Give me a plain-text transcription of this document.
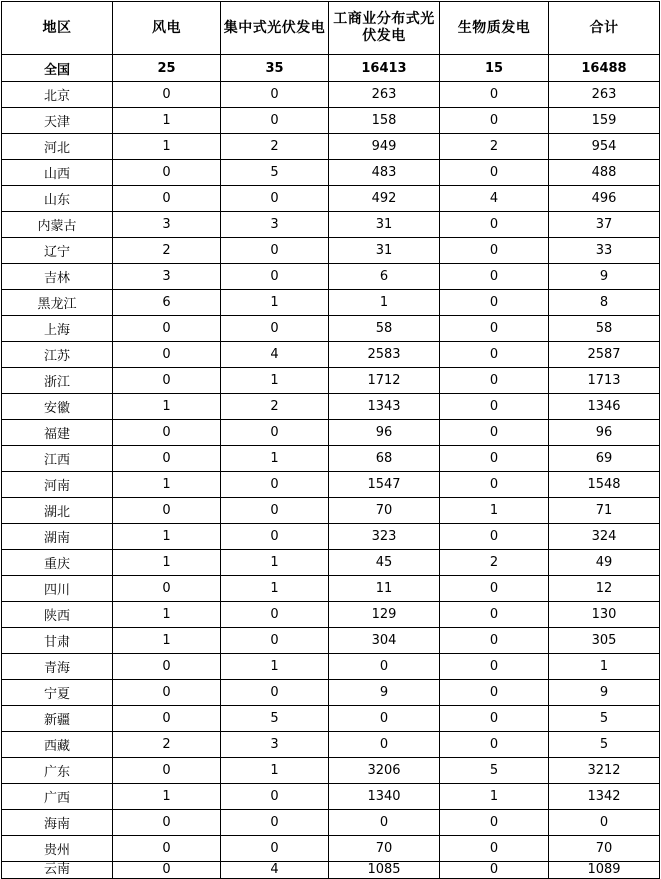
地区	风电	集中式光伏发电	工商业分布式光伏发电	生物质发电	合计
全国	25	35	16413	15	16488
北京	0	0	263	0	263
天津	1	0	158	0	159
河北	1	2	949	2	954
山西	0	5	483	0	488
山东	0	0	492	4	496
内蒙古	3	3	31	0	37
辽宁	2	0	31	0	33
吉林	3	0	6	0	9
黑龙江	6	1	1	0	8
上海	0	0	58	0	58
江苏	0	4	2583	0	2587
浙江	0	1	1712	0	1713
安徽	1	2	1343	0	1346
福建	0	0	96	0	96
江西	0	1	68	0	69
河南	1	0	1547	0	1548
湖北	0	0	70	1	71
湖南	1	0	323	0	324
重庆	1	1	45	2	49
四川	0	1	11	0	12
陕西	1	0	129	0	130
甘肃	1	0	304	0	305
青海	0	1	0	0	1
宁夏	0	0	9	0	9
新疆	0	5	0	0	5
西藏	2	3	0	0	5
广东	0	1	3206	5	3212
广西	1	0	1340	1	1342
海南	0	0	0	0	0
贵州	0	0	70	0	70
云南	0	4	1085	0	1089
